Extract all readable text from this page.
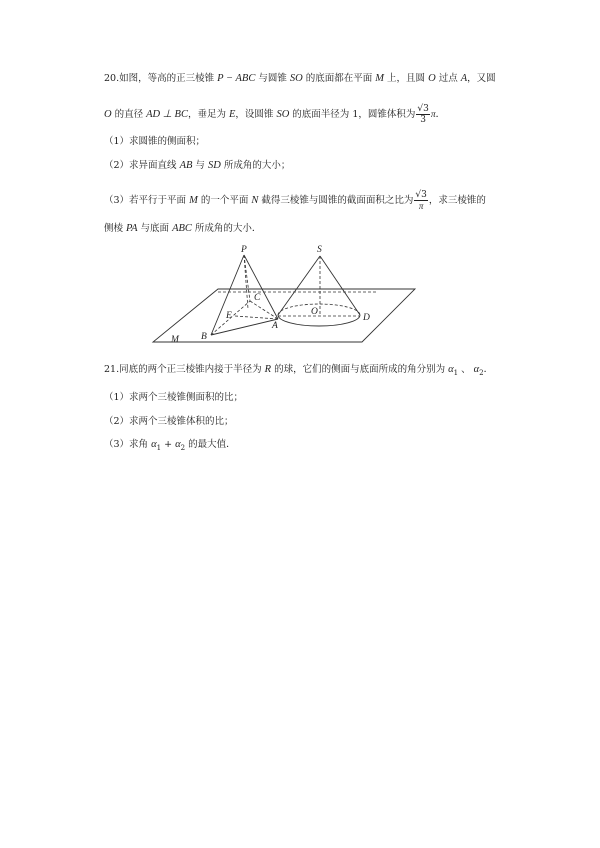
20.如图，等高的正三棱锥 P − ABC 与圆锥 SO 的底面都在平面 M 上，且圆 O 过点 A，又圆
O 的直径 AD ⊥ BC，垂足为 E，设圆锥 SO 的底面半径为 1，圆锥体积为 $\frac{√3}{3}$ π．
（1）求圆锥的侧面积；
（2）求异面直线 AB 与 SD 所成角的大小；
（3）若平行于平面 M 的一个平面 N 截得三棱锥与圆锥的截面面积之比为 $\frac{√3}{\pi}$ ，求三棱锥的
侧棱 PA 与底面 ABC 所成角的大小．
P	S
C
E	O
D
B
A
M
21.同底的两个正三棱锥内接于半径为 R 的球，它们的侧面与底面所成的角分别为 $\alpha_1$ 、 $\alpha_2$．
（1）求两个三棱锥侧面积的比；
（2）求两个三棱锥体积的比；
（3）求角 $\alpha_1 + \alpha_2$ 的最大值．
